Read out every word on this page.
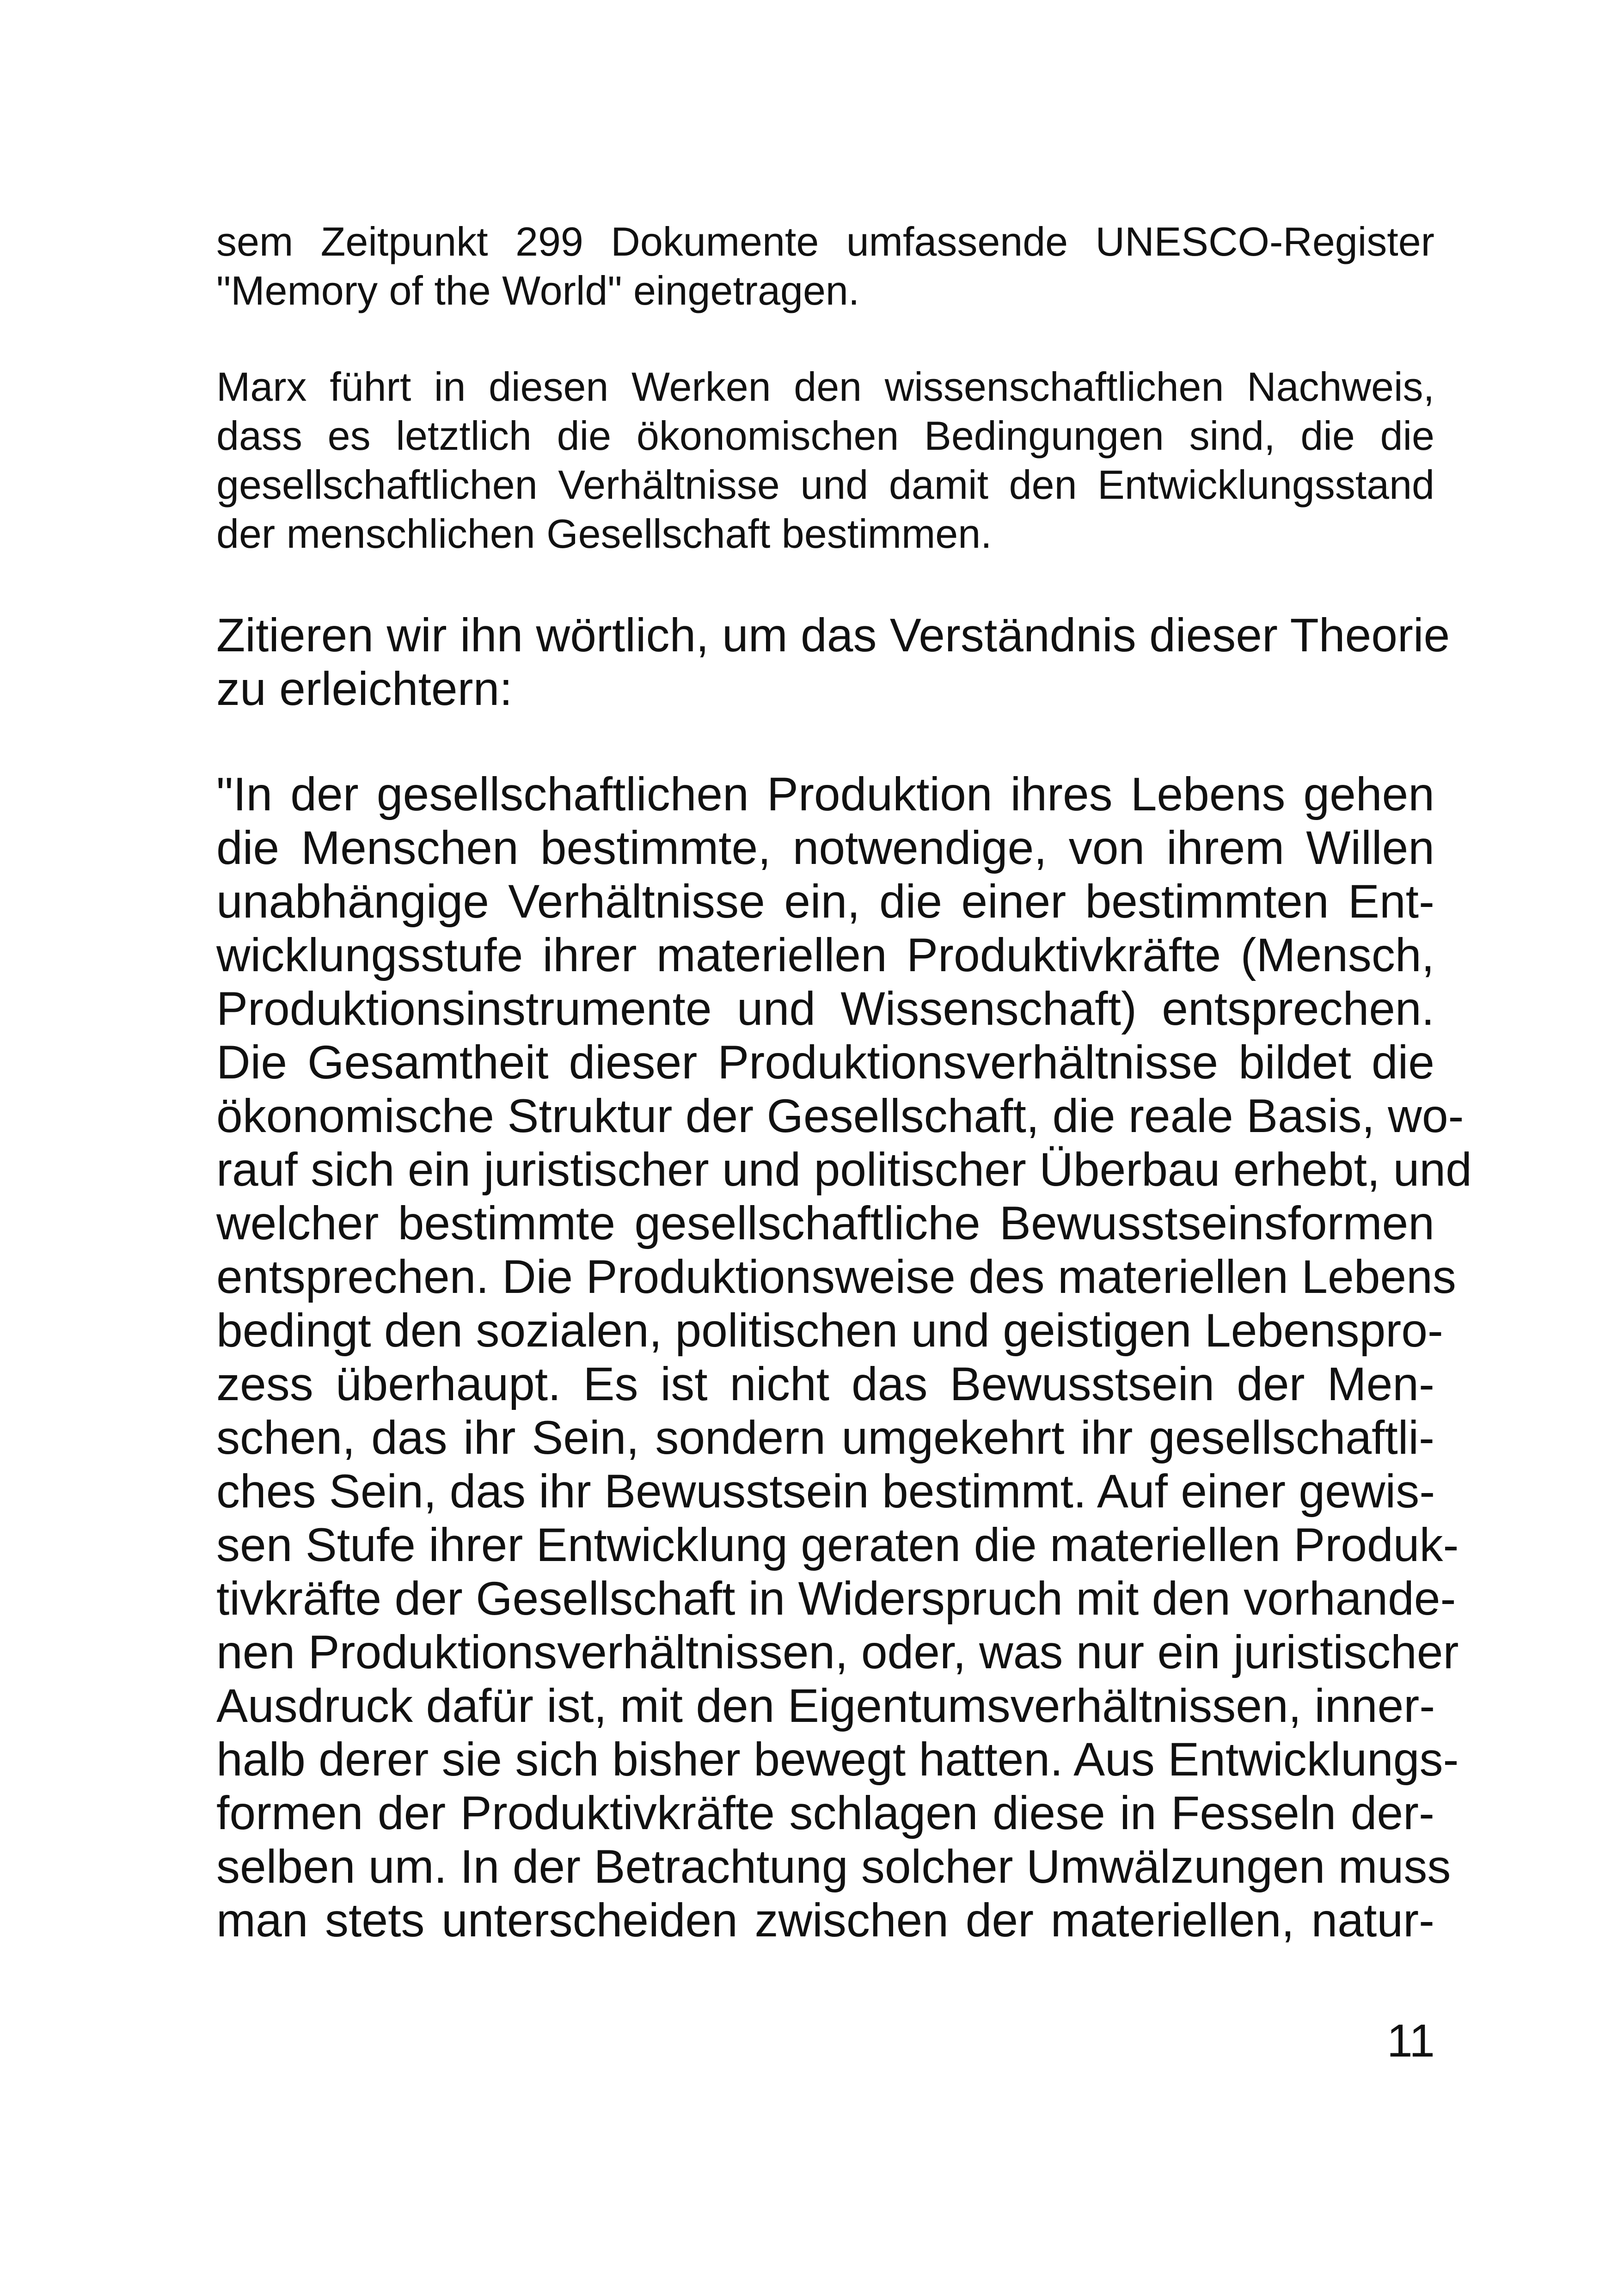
sem Zeitpunkt 299 Dokumente umfassende UNESCO-Register
"Memory of the World" eingetragen.

Marx führt in diesen Werken den wissenschaftlichen Nachweis,
dass es letztlich die ökonomischen Bedingungen sind, die die
gesellschaftlichen Verhältnisse und damit den Entwicklungsstand
der menschlichen Gesellschaft bestimmen.

Zitieren wir ihn wörtlich, um das Verständnis dieser Theorie
zu erleichtern:

"In der gesellschaftlichen Produktion ihres Lebens gehen
die Menschen bestimmte, notwendige, von ihrem Willen
unabhängige Verhältnisse ein, die einer bestimmten Ent-
wicklungsstufe ihrer materiellen Produktivkräfte (Mensch,
Produktionsinstrumente und Wissenschaft) entsprechen.
Die Gesamtheit dieser Produktionsverhältnisse bildet die
ökonomische Struktur der Gesellschaft, die reale Basis, wo-
rauf sich ein juristischer und politischer Überbau erhebt, und
welcher bestimmte gesellschaftliche Bewusstseinsformen
entsprechen. Die Produktionsweise des materiellen Lebens
bedingt den sozialen, politischen und geistigen Lebenspro-
zess überhaupt. Es ist nicht das Bewusstsein der Men-
schen, das ihr Sein, sondern umgekehrt ihr gesellschaftli-
ches Sein, das ihr Bewusstsein bestimmt. Auf einer gewis-
sen Stufe ihrer Entwicklung geraten die materiellen Produk-
tivkräfte der Gesellschaft in Widerspruch mit den vorhande-
nen Produktionsverhältnissen, oder, was nur ein juristischer
Ausdruck dafür ist, mit den Eigentumsverhältnissen, inner-
halb derer sie sich bisher bewegt hatten. Aus Entwicklungs-
formen der Produktivkräfte schlagen diese in Fesseln der-
selben um. In der Betrachtung solcher Umwälzungen muss
man stets unterscheiden zwischen der materiellen, natur-

11
